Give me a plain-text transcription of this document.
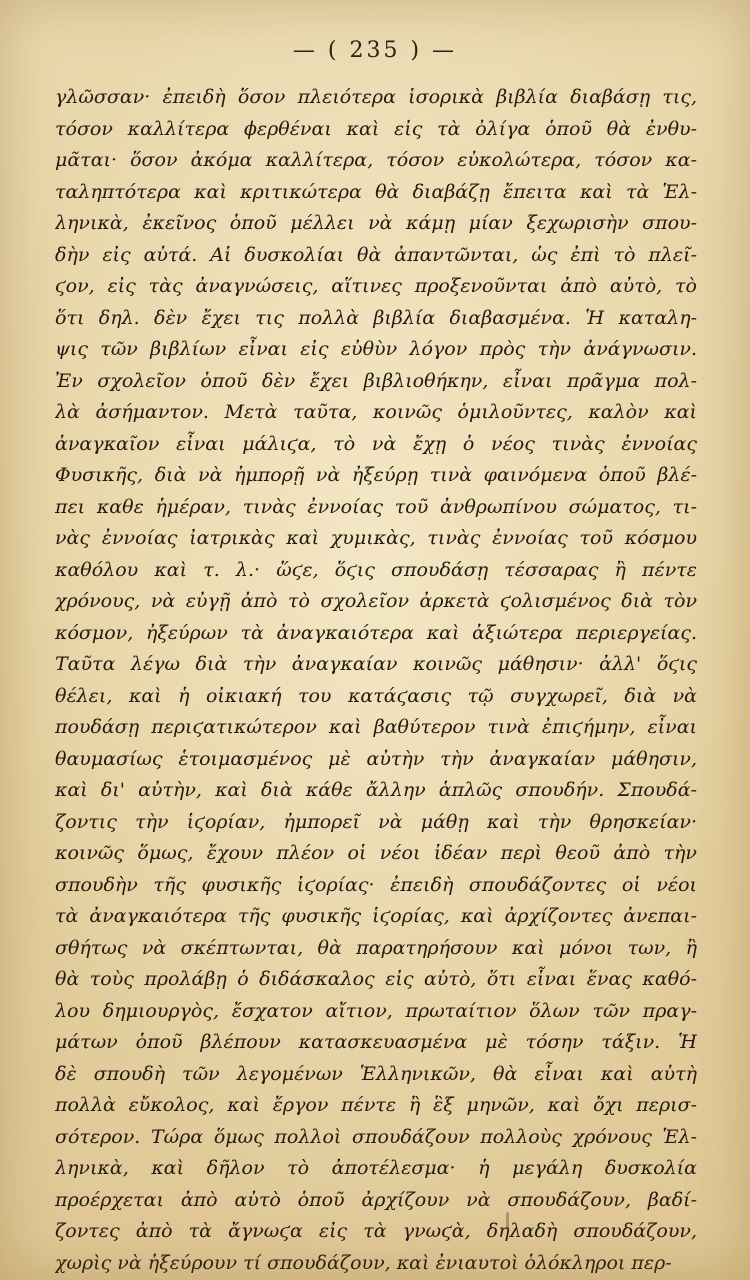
— ( 235 ) —
γλῶσσαν· ἐπειδὴ ὅσον πλειότερα ἱσορικὰ βιβλία διαβάσῃ τις,
τόσον καλλίτερα ϕερθέναι καὶ εἰς τὰ ὀλίγα ὁποῦ θὰ ἐνθυ-
μᾶται· ὅσον ἀκόμα καλλίτερα, τόσον εὐκολώτερα, τόσον κα-
ταληπτότερα καὶ κριτικώτερα θὰ διαβάζῃ ἔπειτα καὶ τὰ Ἑλ-
ληνικὰ, ἐκεῖνος ὁποῦ μέλλει νὰ κάμῃ μίαν ξεχωρισὴν σπου-
δὴν εἰς αὐτά. Αἱ δυσκολίαι θὰ ἀπαντῶνται, ὡς ἐπὶ τὸ πλεῖ-
ϛον, εἰς τὰς ἀναγνώσεις, αἵτινες προξενοῦνται ἀπὸ αὐτὸ, τὸ
ὅτι δηλ. δὲν ἔχει τις πολλὰ βιβλία διαβασμένα. Ἡ καταλη-
ψις τῶν βιβλίων εἶναι εἰς εὐθὺν λόγον πρὸς τὴν ἀνάγνωσιν.
Ἐν σχολεῖον ὁποῦ δὲν ἔχει βιβλιοθήκην, εἶναι πρᾶγμα πολ-
λὰ ἀσήμαντον. Μετὰ ταῦτα, κοινῶς ὁμιλοῦντες, καλὸν καὶ
ἀναγκαῖον εἶναι μάλιϛα, τὸ νὰ ἔχῃ ὁ νέος τινὰς ἐννοίας
Φυσικῆς, διὰ νὰ ἠμπορῇ νὰ ἠξεύρῃ τινὰ φαινόμενα ὁποῦ βλέ-
πει καθε ἡμέραν, τινὰς ἐννοίας τοῦ ἀνθρωπίνου σώματος, τι-
νὰς ἐννοίας ἰατρικὰς καὶ χυμικὰς, τινὰς ἐννοίας τοῦ κόσμου
καθόλου καὶ τ. λ.· ὥϛε, ὅϛις σπουδάσῃ τέσσαρας ἢ πέντε
χρόνους, νὰ εὐγῇ ἀπὸ τὸ σχολεῖον ἀρκετὰ ϛολισμένος διὰ τὸν
κόσμον, ἠξεύρων τὰ ἀναγκαιότερα καὶ ἀξιώτερα περιεργείας.
Ταῦτα λέγω διὰ τὴν ἀναγκαίαν κοινῶς μάθησιν· ἀλλ' ὅϛις
θέλει, καὶ ἡ οἰκιακή του κατάϛασις τῷ συγχωρεῖ, διὰ νὰ
πουδάσῃ περιϛατικώτερον καὶ βαθύτερον τινὰ ἐπιϛήμην, εἶναι
θαυμασίως ἑτοιμασμένος μὲ αὐτὴν τὴν ἀναγκαίαν μάθησιν,
καὶ δι' αὐτὴν, καὶ διὰ κάθε ἄλλην ἁπλῶς σπουδήν. Σπουδά-
ζοντις τὴν ἱϛορίαν, ἠμπορεῖ νὰ μάθῃ καὶ τὴν θρησκείαν·
κοινῶς ὅμως, ἔχουν πλέον οἱ νέοι ἰδέαν περὶ θεοῦ ἀπὸ τὴν
σπουδὴν τῆς φυσικῆς ἱϛορίας· ἐπειδὴ σπουδάζοντες οἱ νέοι
τὰ ἀναγκαιότερα τῆς φυσικῆς ἱϛορίας, καὶ ἀρχίζοντες ἀνεπαι-
σθήτως νὰ σκέπτωνται, θὰ παρατηρήσουν καὶ μόνοι των, ἢ
θὰ τοὺς προλάβῃ ὁ διδάσκαλος εἰς αὐτὸ, ὅτι εἶναι ἕνας καθό-
λου δημιουργὸς, ἔσχατον αἴτιον, πρωταίτιον ὅλων τῶν πραγ-
μάτων ὁποῦ βλέπουν κατασκευασμένα μὲ τόσην τάξιν. Ἡ
δὲ σπουδὴ τῶν λεγομένων Ἑλληνικῶν, θὰ εἶναι καὶ αὐτὴ
πολλὰ εὔκολος, καὶ ἔργον πέντε ἢ ἓξ μηνῶν, καὶ ὄχι περισ-
σότερον. Τώρα ὅμως πολλοὶ σπουδάζουν πολλοὺς χρόνους Ἑλ-
ληνικὰ, καὶ δῆλον τὸ ἀποτέλεσμα· ἡ μεγάλη δυσκολία
προέρχεται ἀπὸ αὐτὸ ὁποῦ ἀρχίζουν νὰ σπουδάζουν, βαδί-
ζοντες ἀπὸ τὰ ἄγνωϛα εἰς τὰ γνωϛὰ, δηλαδὴ σπουδάζουν,
χωρὶς νὰ ἠξεύρουν τί σπουδάζουν, καὶ ἐνιαυτοὶ ὁλόκληροι περ-
